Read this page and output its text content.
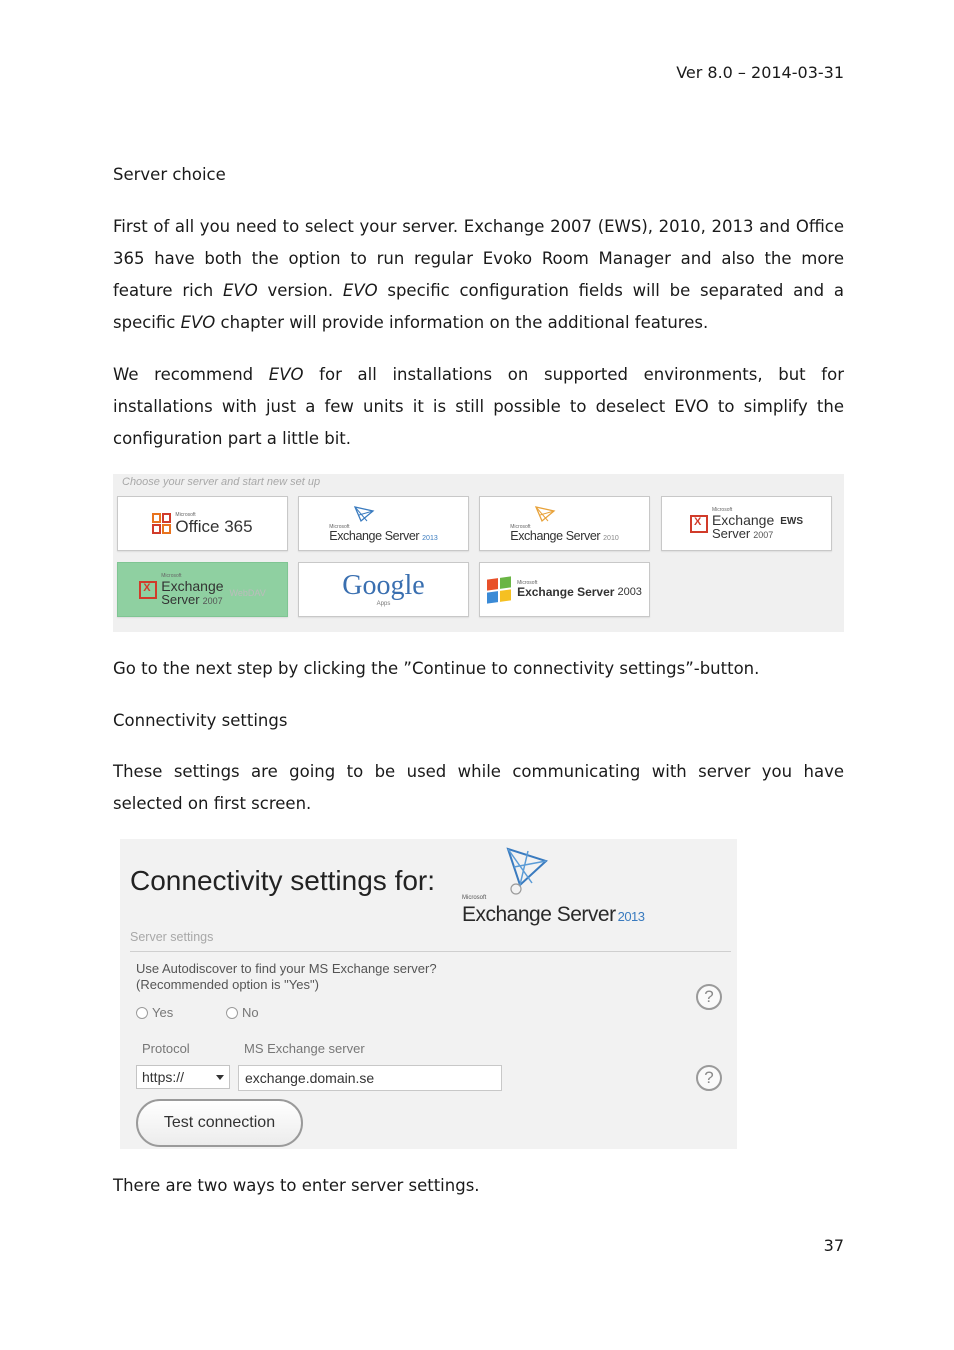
Ver 8.0 – 2014-03-31
Server choice

First of all you need to select your server. Exchange 2007 (EWS), 2010, 2013 and Office 365 have both the option to run regular Evoko Room Manager and also the more feature rich EVO version. EVO specific configuration fields will be separated and a specific EVO chapter will provide information on the additional features.

We recommend EVO for all installations on supported environments, but for installations with just a few units it is still possible to deselect EVO to simplify the configuration part a little bit.

Choose your server and start new set up
Microsoft
Office 365	Microsoft
Exchange Server 2013
Microsoft
Exchange Server 2010
X
Microsoft
Exchange
Server 2007
EWS
X
Microsoft
Exchange
Server 2007
WebDAV	Google
Apps
Microsoft
Exchange Server 2003

Go to the next step by clicking the ”Continue to connectivity settings”-button.

Connectivity settings

These settings are going to be used while communicating with server you have selected on first screen.

Connectivity settings for:
Microsoft
Exchange Server 2013
Server settings
Use Autodiscover to find your MS Exchange server?
(Recommended option is "Yes")
?
Yes	No
Protocol	MS Exchange server
https://
exchange.domain.se	?
Test connection

There are two ways to enter server settings.

37
